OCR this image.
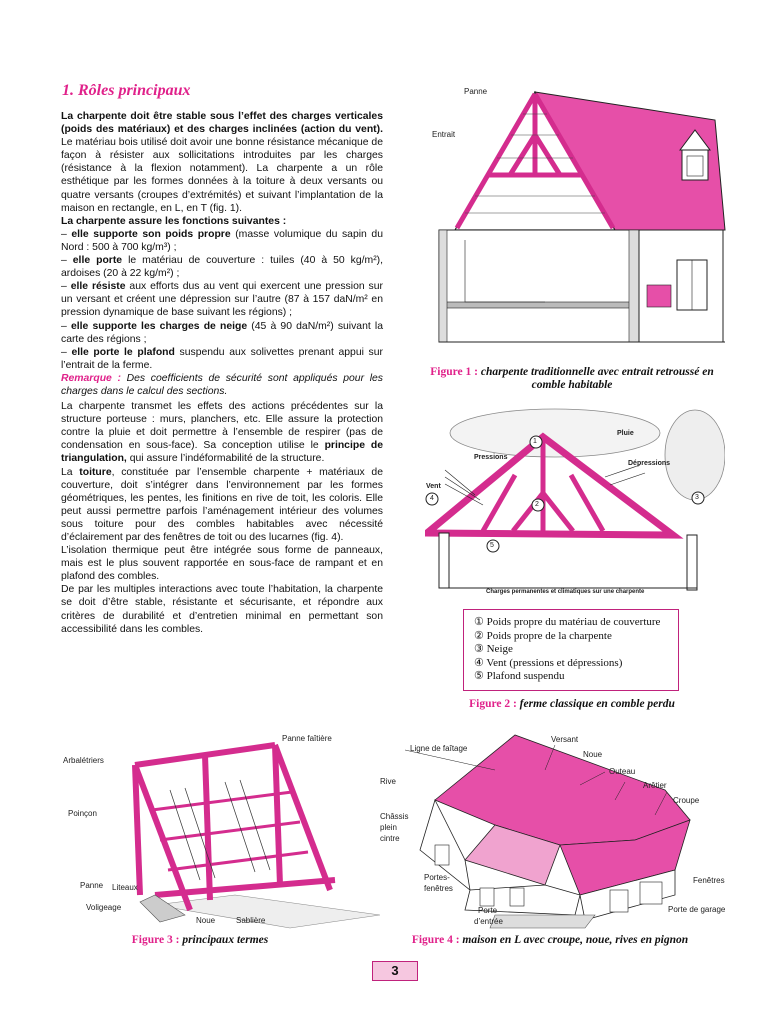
1. Rôles principaux

La charpente doit être stable sous l’effet des charges verticales (poids des matériaux) et des charges inclinées (action du vent). Le matériau bois utilisé doit avoir une bonne résistance mécanique de façon à résister aux sollicitations introduites par les charges (résistance à la flexion notamment). La charpente a un rôle esthétique par les formes données à la toiture à deux versants ou quatre versants (croupes d’extrémités) et suivant l’implantation de la maison en rectangle, en L, en T (fig. 1).

La charpente assure les fonctions suivantes :

– elle supporte son poids propre (masse volumique du sapin du Nord : 500 à 700 kg/m³) ;

– elle porte le matériau de couverture : tuiles (40 à 50 kg/m²), ardoises (20 à 22 kg/m²) ;

– elle résiste aux efforts dus au vent qui exercent une pression sur un versant et créent une dépression sur l’autre (87 à 157 daN/m² en pression dynamique de base suivant les régions) ;

– elle supporte les charges de neige (45 à 90 daN/m²) suivant la carte des régions ;

– elle porte le plafond suspendu aux solivettes prenant appui sur l’entrait de la ferme.

Remarque : Des coefficients de sécurité sont appliqués pour les charges dans le calcul des sections.

La charpente transmet les effets des actions précédentes sur la structure porteuse : murs, planchers, etc. Elle assure la protection contre la pluie et doit permettre à l’ensemble de respirer (pas de condensation en sous-face). Sa conception utilise le principe de triangulation, qui assure l’indéformabilité de la structure.

La toiture, constituée par l’ensemble charpente + matériaux de couverture, doit s’intégrer dans l’environnement par les formes géométriques, les pentes, les finitions en rive de toit, les coloris. Elle peut aussi permettre parfois l’aménagement intérieur des volumes sous toiture pour des combles habitables avec nécessité d’éclairement par des fenêtres de toit ou des lucarnes (fig. 4).

L’isolation thermique peut être intégrée sous forme de panneaux, mais est le plus souvent rapportée en sous-face de rampant et en plafond des combles.

De par les multiples interactions avec toute l’habitation, la charpente se doit d’être stable, résistante et sécurisante, et répondre aux critères de durabilité et d’entretien minimal en permettant son accessibilité dans les combles.

Panne
Entrait
Figure 1 : charpente traditionnelle avec entrait retroussé en comble habitable
Pluie
Pressions
Dépressions
Vent
1
2
3
4
5
Charges permanentes et climatiques sur une charpente
① Poids propre du matériau de couverture
② Poids propre de la charpente
③ Neige
④ Vent (pressions et dépressions)
⑤ Plafond suspendu
Figure 2 : ferme classique en comble perdu
Panne faîtière
Arbalétriers
Poinçon
Panne Liteaux
Voligeage
Noue	Sablière
Figure 3 : principaux termes
Ligne de faîtage
Versant
Noue
Outeau
Arêtier
Rive
Croupe
Châssis
plein
cintre
Portes-
fenêtres
Porte
d’entrée
Fenêtres
Porte de garage
Figure 4 : maison en L avec croupe, noue, rives en pignon
3
